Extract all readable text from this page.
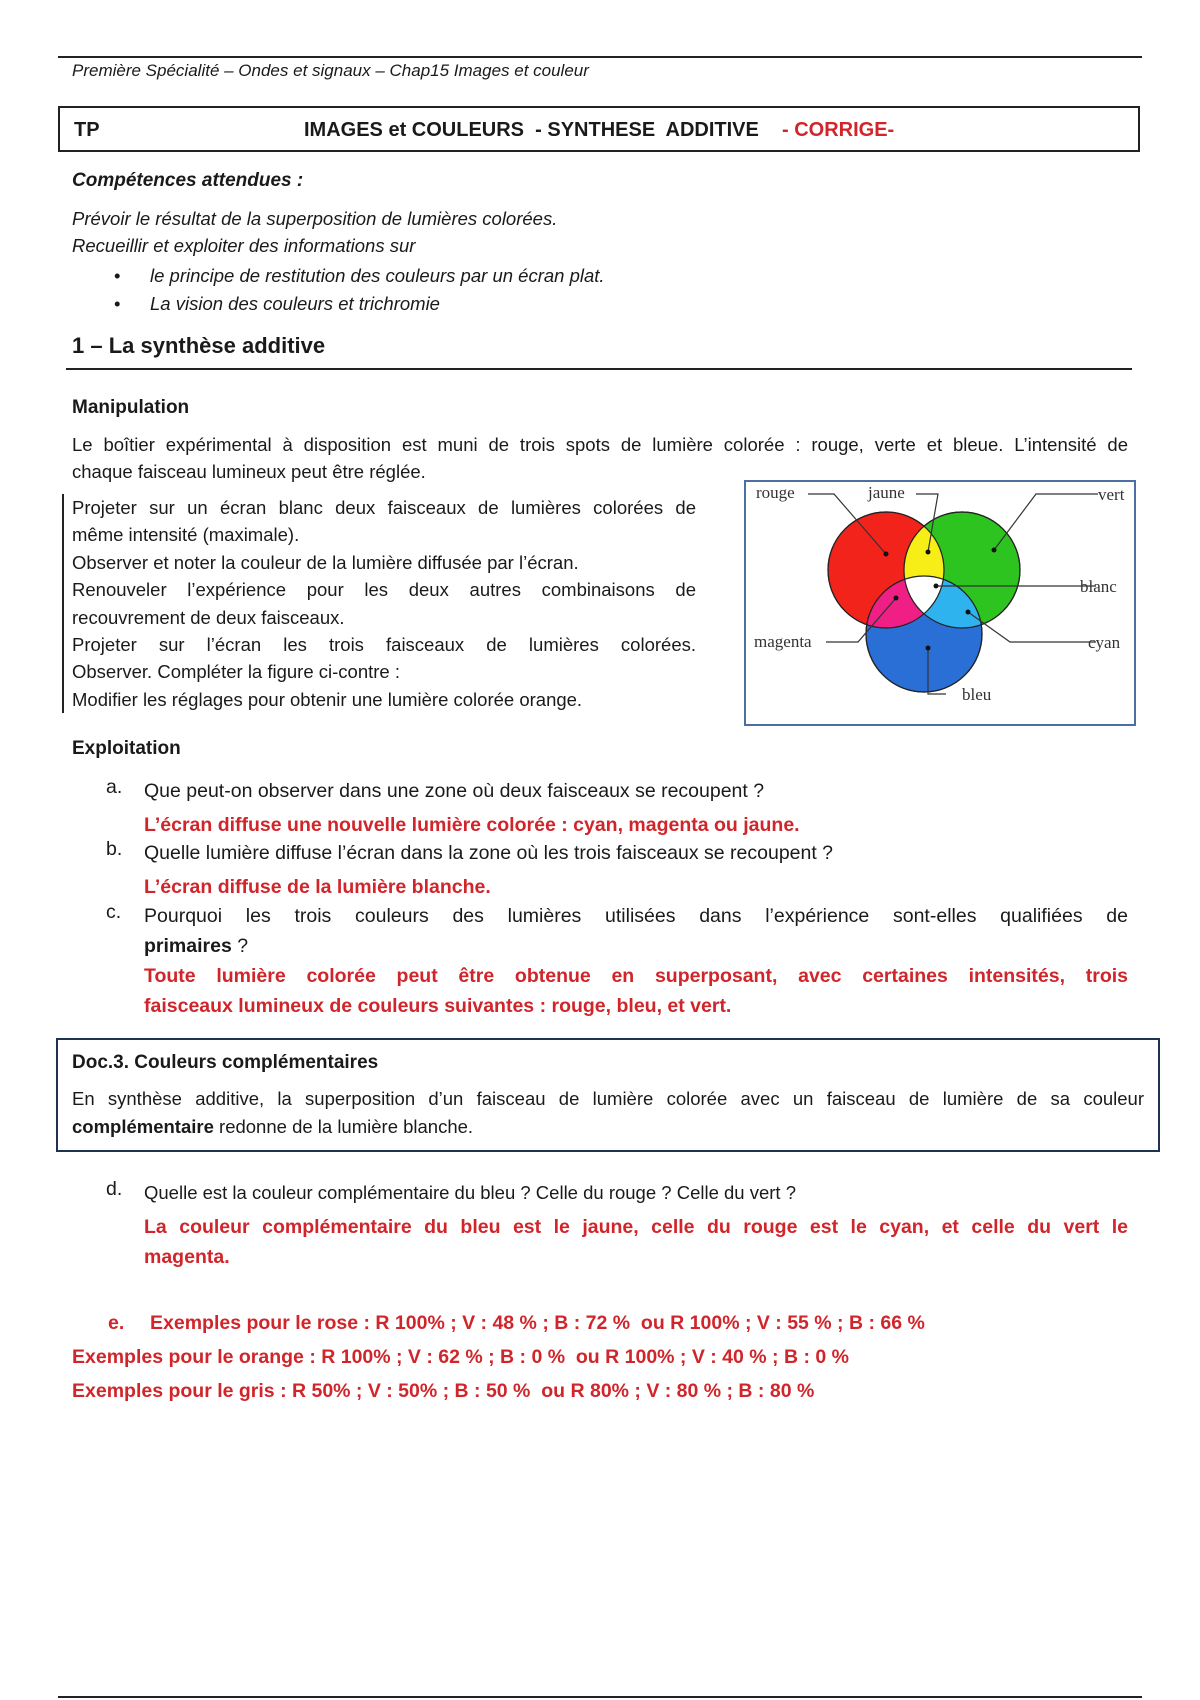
Première Spécialité – Ondes et signaux – Chap15 Images et couleur
TP	IMAGES et COULEURS  - SYNTHESE  ADDITIVE - CORRIGE-
Compétences attendues :
Prévoir le résultat de la superposition de lumières colorées.
Recueillir et exploiter des informations sur
• le principe de restitution des couleurs par un écran plat.
• La vision des couleurs et trichromie
1 – La synthèse additive
Manipulation
Le boîtier expérimental à disposition est muni de trois spots de lumière colorée : rouge, verte et bleue. L’intensité de
chaque faisceau lumineux peut être réglée.
Projeter sur un écran blanc deux faisceaux de lumières colorées de
même intensité (maximale).
Observer et noter la couleur de la lumière diffusée par l’écran.
Renouveler l’expérience pour les deux autres combinaisons de
recouvrement de deux faisceaux.
Projeter sur l’écran les trois faisceaux de lumières colorées.
Observer. Compléter la figure ci-contre :
Modifier les réglages pour obtenir une lumière colorée orange.
rouge	jaune	vert
blanc
magenta	cyan
bleu
Exploitation
a. Que peut-on observer dans une zone où deux faisceaux se recoupent ?
L’écran diffuse une nouvelle lumière colorée : cyan, magenta ou jaune.
b. Quelle lumière diffuse l’écran dans la zone où les trois faisceaux se recoupent ?
L’écran diffuse de la lumière blanche.
c. Pourquoi les trois couleurs des lumières utilisées dans l’expérience sont-elles qualifiées de
primaires ?
Toute lumière colorée peut être obtenue en superposant, avec certaines intensités, trois
faisceaux lumineux de couleurs suivantes : rouge, bleu, et vert.
Doc.3. Couleurs complémentaires
En synthèse additive, la superposition d’un faisceau de lumière colorée avec un faisceau de lumière de sa couleur
complémentaire redonne de la lumière blanche.
d. Quelle est la couleur complémentaire du bleu ? Celle du rouge ? Celle du vert ?
La couleur complémentaire du bleu est le jaune, celle du rouge est le cyan, et celle du vert le
magenta.
e. Exemples pour le rose : R 100% ; V : 48 % ; B : 72 %  ou R 100% ; V : 55 % ; B : 66 %
Exemples pour le orange : R 100% ; V : 62 % ; B : 0 %  ou R 100% ; V : 40 % ; B : 0 %
Exemples pour le gris : R 50% ; V : 50% ; B : 50 %  ou R 80% ; V : 80 % ; B : 80 %
